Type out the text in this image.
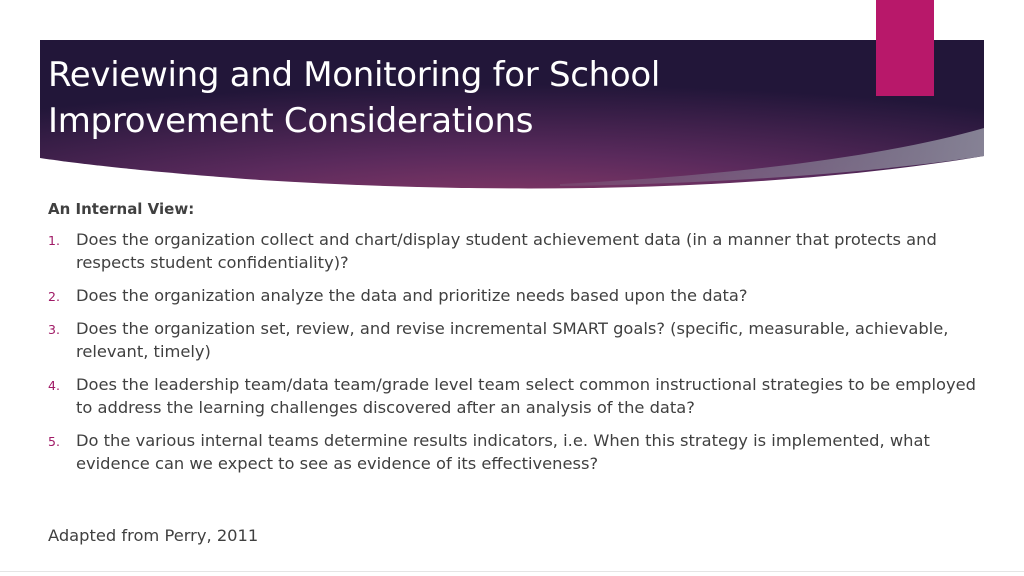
Reviewing and Monitoring for School
Improvement Considerations

An Internal View:

1. Does the organization collect and chart/display student achievement data (in a manner that protects and respects student confidentiality)?
2. Does the organization analyze the data and prioritize needs based upon the data?
3. Does the organization set, review, and revise incremental SMART goals? (specific, measurable, achievable, relevant, timely)
4. Does the leadership team/data team/grade level team select common instructional strategies to be employed to address the learning challenges discovered after an analysis of the data?
5. Do the various internal teams determine results indicators, i.e. When this strategy is implemented, what evidence can we expect to see as evidence of its effectiveness?

Adapted from Perry, 2011
